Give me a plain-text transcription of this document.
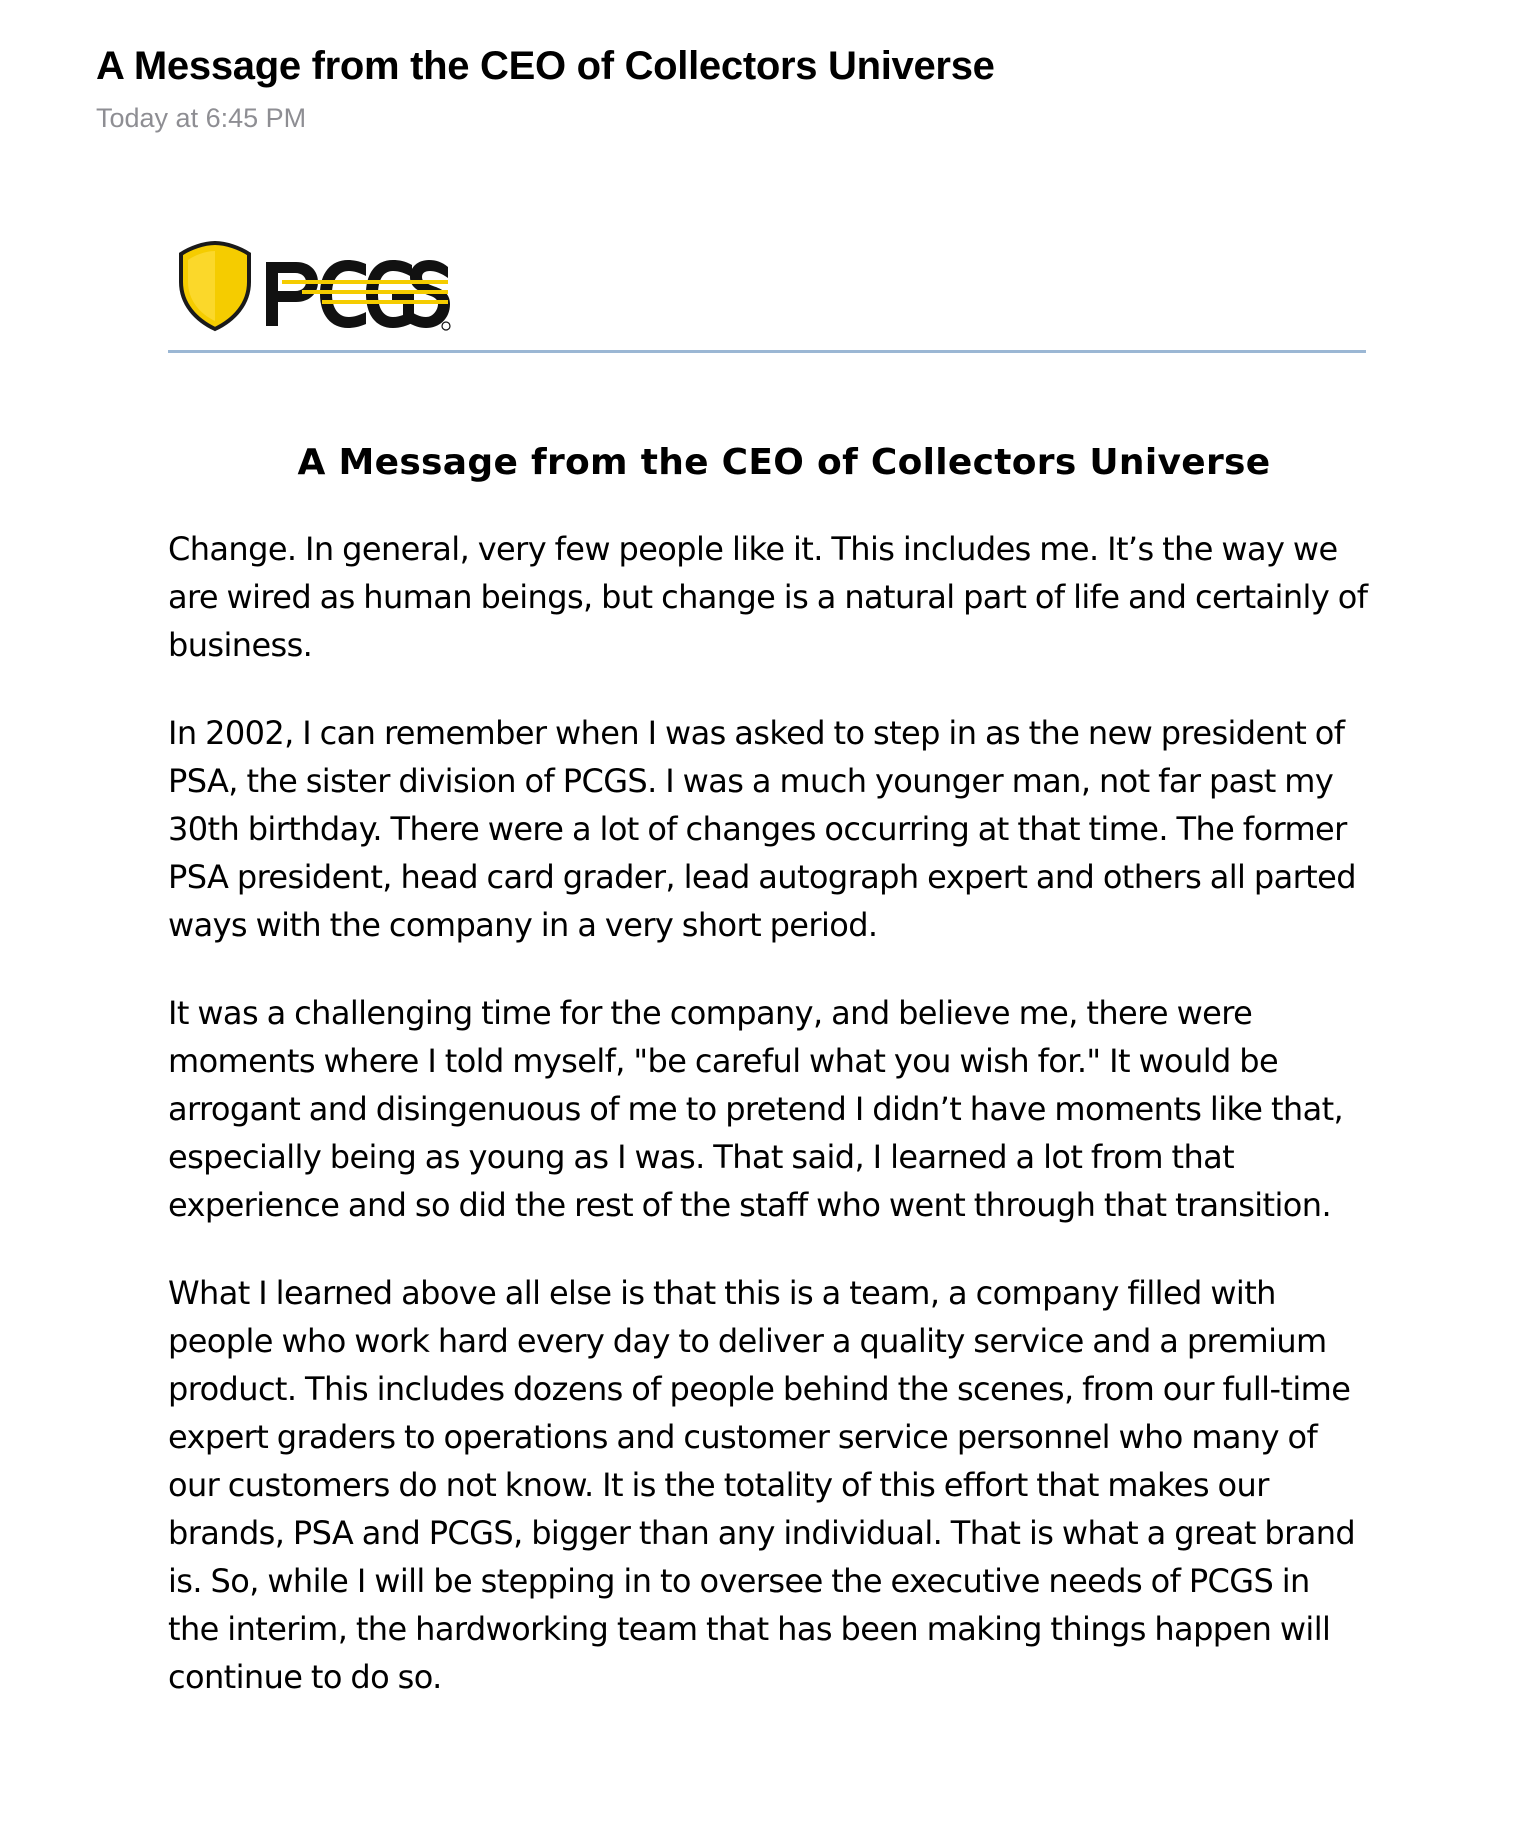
A Message from the CEO of Collectors Universe
Today at 6:45 PM
A Message from the CEO of Collectors Universe

Change. In general, very few people like it. This includes me. It’s the way we are wired as human beings, but change is a natural part of life and certainly of business.

In 2002, I can remember when I was asked to step in as the new president of PSA, the sister division of PCGS. I was a much younger man, not far past my 30th birthday. There were a lot of changes occurring at that time. The former PSA president, head card grader, lead autograph expert and others all parted ways with the company in a very short period.

It was a challenging time for the company, and believe me, there were moments where I told myself, "be careful what you wish for." It would be arrogant and disingenuous of me to pretend I didn’t have moments like that, especially being as young as I was. That said, I learned a lot from that experience and so did the rest of the staff who went through that transition.

What I learned above all else is that this is a team, a company filled with people who work hard every day to deliver a quality service and a premium product. This includes dozens of people behind the scenes, from our full-time expert graders to operations and customer service personnel who many of our customers do not know. It is the totality of this effort that makes our brands, PSA and PCGS, bigger than any individual. That is what a great brand is. So, while I will be stepping in to oversee the executive needs of PCGS in the interim, the hardworking team that has been making things happen will continue to do so.
